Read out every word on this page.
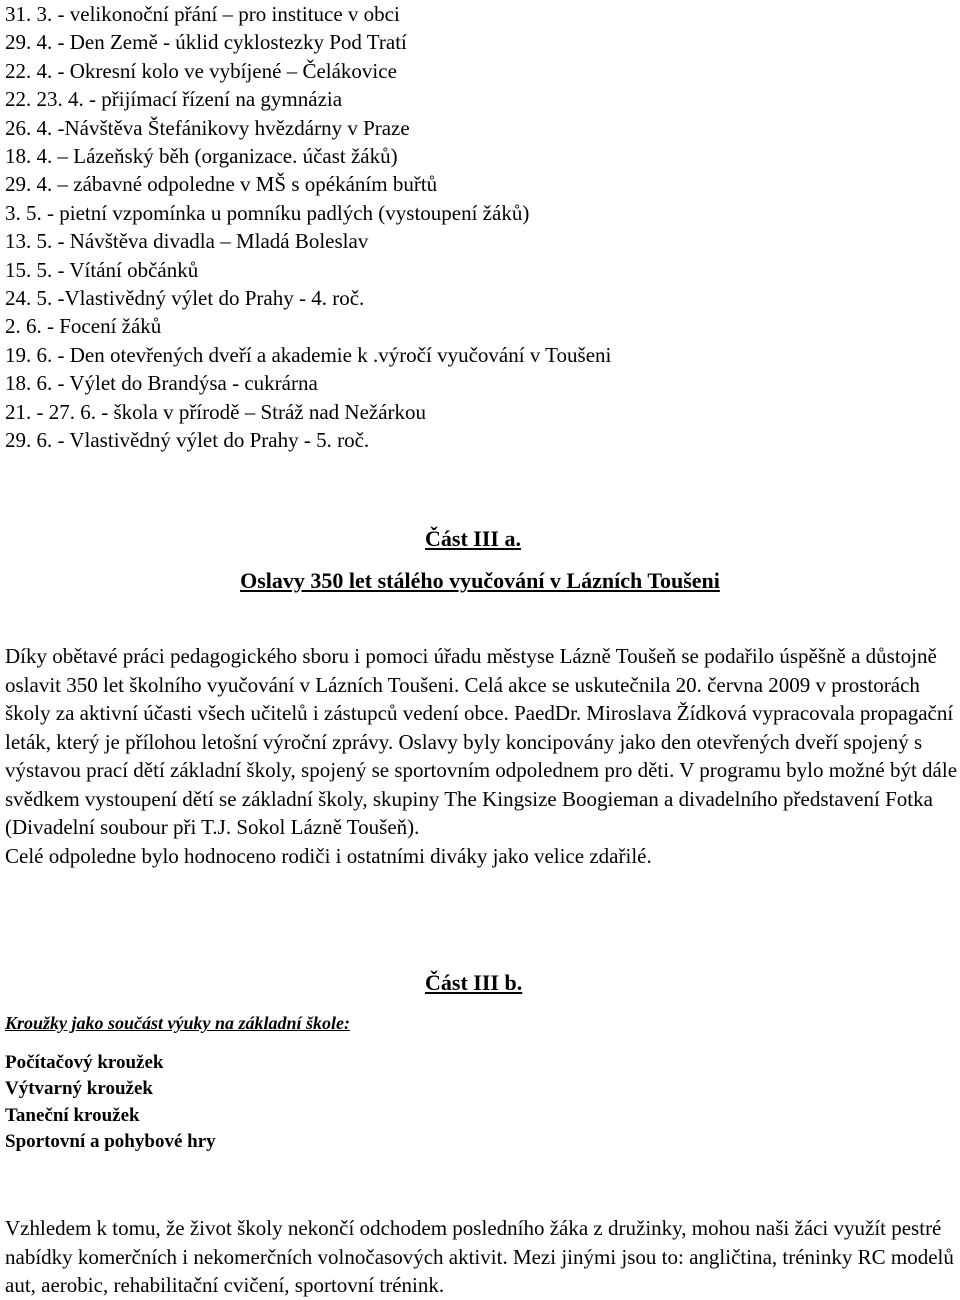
31. 3. - velikonoční přání – pro instituce v obci
29. 4. - Den Země - úklid cyklostezky Pod Tratí
22. 4. - Okresní kolo ve vybíjené – Čelákovice
22. 23. 4. - přijímací řízení na gymnázia
26. 4. -Návštěva Štefánikovy hvězdárny v Praze
18. 4. – Lázeňský běh (organizace. účast žáků)
29. 4. – zábavné odpoledne v MŠ s opékáním buřtů
3. 5. - pietní vzpomínka u pomníku padlých (vystoupení žáků)
13. 5. - Návštěva divadla – Mladá Boleslav
15. 5. - Vítání občánků
24. 5. -Vlastivědný výlet do Prahy - 4. roč.
2. 6. - Focení žáků
19. 6. - Den otevřených dveří a akademie k .výročí vyučování v Toušeni
18. 6. - Výlet do Brandýsa - cukrárna
21. - 27. 6. - škola v přírodě – Stráž nad Nežárkou
29. 6. - Vlastivědný výlet do Prahy - 5. roč.
Část III a.
Oslavy 350 let stálého vyučování v Lázních Toušeni

Díky obětavé práci pedagogického sboru i pomoci úřadu městyse Lázně Toušeň se podařilo úspěšně a důstojně oslavit 350 let školního vyučování v Lázních Toušeni. Celá akce se uskutečnila 20. června 2009 v prostorách školy za aktivní účasti všech učitelů i zástupců vedení obce. PaedDr. Miroslava Žídková vypracovala propagační leták, který je přílohou letošní výroční zprávy. Oslavy byly koncipovány jako den otevřených dveří spojený s výstavou prací dětí základní školy, spojený se sportovním odpolednem pro děti. V programu bylo možné být dále svědkem vystoupení dětí se základní školy, skupiny The Kingsize Boogieman a divadelního představení Fotka (Divadelní soubour při T.J. Sokol Lázně Toušeň).

Celé odpoledne bylo hodnoceno rodiči i ostatními diváky jako velice zdařilé.

Část III b.
Kroužky jako součást výuky na základní škole:
Počítačový kroužek
Výtvarný kroužek
Taneční kroužek
Sportovní a pohybové hry

Vzhledem k tomu, že život školy nekončí odchodem posledního žáka z družinky, mohou naši žáci využít pestré nabídky komerčních i nekomerčních volnočasových aktivit. Mezi jinými jsou to: angličtina, tréninky RC modelů aut, aerobic, rehabilitační cvičení, sportovní trénink.
